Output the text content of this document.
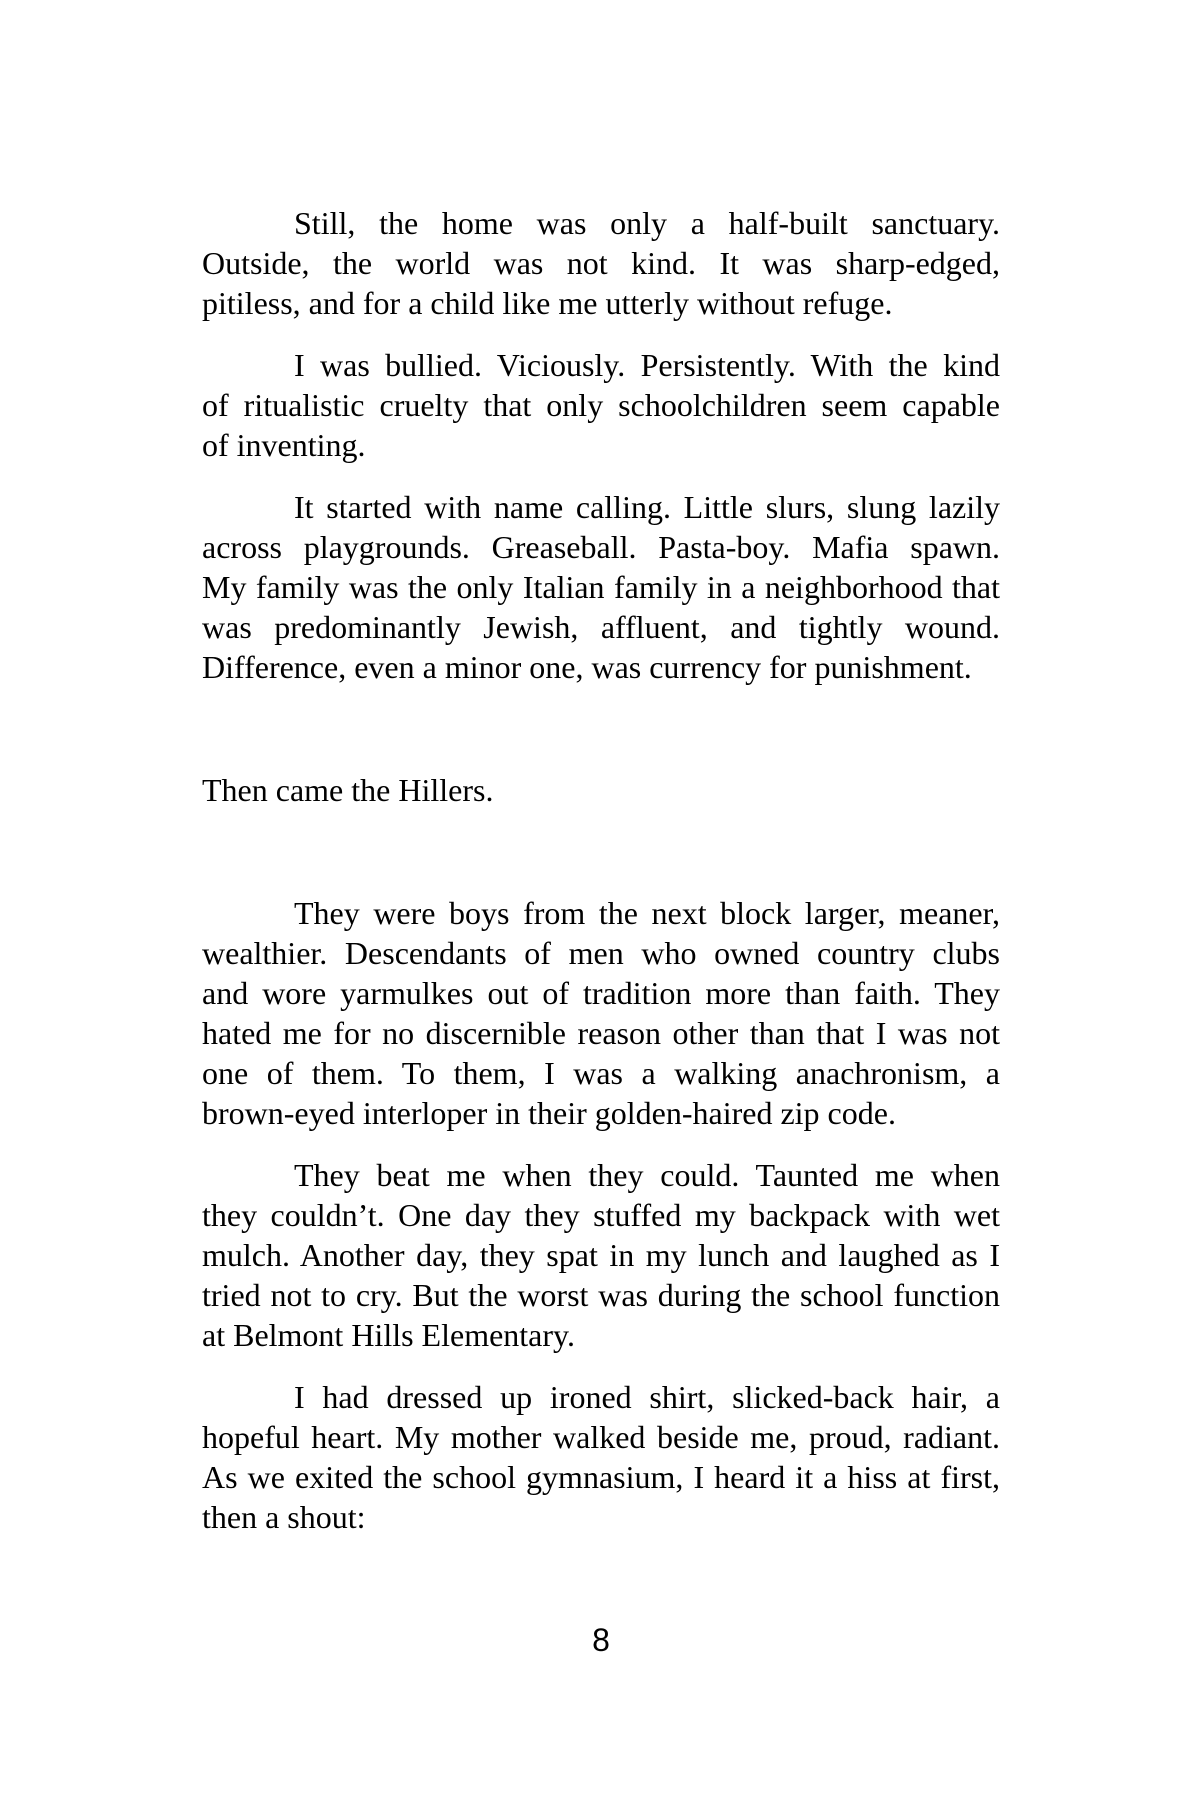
Still, the home was only a half-built sanctuary.
Outside, the world was not kind. It was sharp-edged,
pitiless, and for a child like me utterly without refuge.
I was bullied. Viciously. Persistently. With the kind
of ritualistic cruelty that only schoolchildren seem capable
of inventing.
It started with name calling. Little slurs, slung lazily
across playgrounds. Greaseball. Pasta-boy. Mafia spawn.
My family was the only Italian family in a neighborhood that
was predominantly Jewish, affluent, and tightly wound.
Difference, even a minor one, was currency for punishment.
Then came the Hillers.
They were boys from the next block larger, meaner,
wealthier. Descendants of men who owned country clubs
and wore yarmulkes out of tradition more than faith. They
hated me for no discernible reason other than that I was not
one of them. To them, I was a walking anachronism, a
brown-eyed interloper in their golden-haired zip code.
They beat me when they could. Taunted me when
they couldn’t. One day they stuffed my backpack with wet
mulch. Another day, they spat in my lunch and laughed as I
tried not to cry. But the worst was during the school function
at Belmont Hills Elementary.
I had dressed up ironed shirt, slicked-back hair, a
hopeful heart. My mother walked beside me, proud, radiant.
As we exited the school gymnasium, I heard it a hiss at first,
then a shout:
8
